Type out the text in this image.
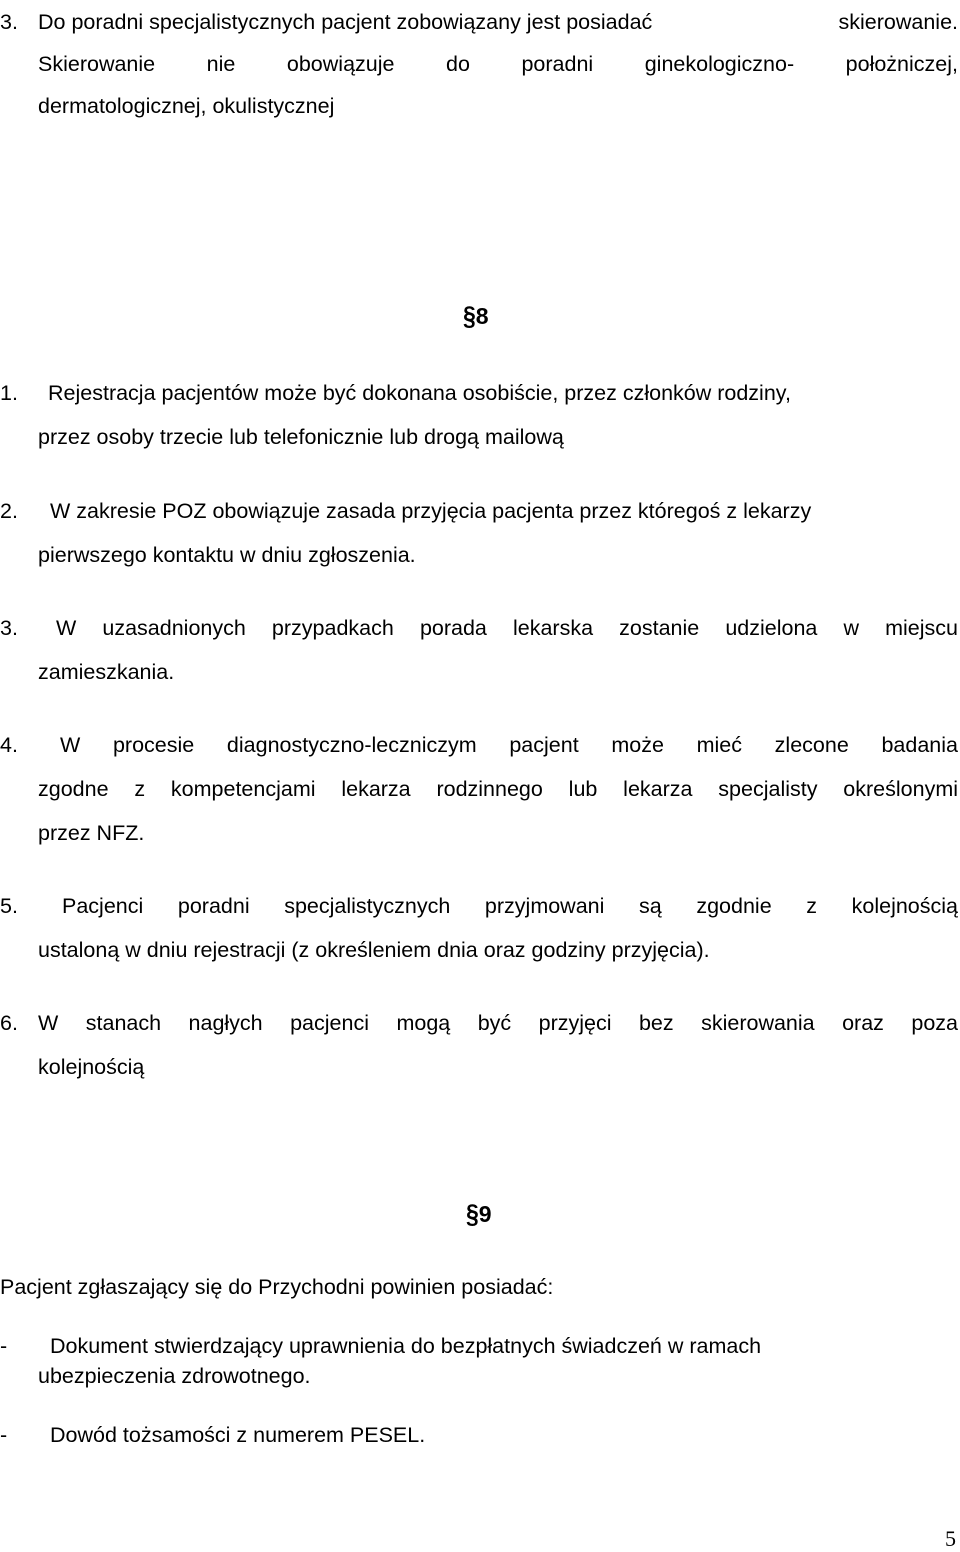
3. Do poradni specjalistycznych pacjent zobowiązany jest posiadać	skierowanie.
Skierowanie nie obowiązuje do poradni ginekologiczno- położniczej,
dermatologicznej, okulistycznej
§8
1.	Rejestracja pacjentów może być dokonana osobiście, przez członków rodziny,
przez osoby trzecie lub telefonicznie lub drogą mailową
2.	W zakresie POZ obowiązuje zasada przyjęcia pacjenta przez któregoś z lekarzy
pierwszego kontaktu w dniu zgłoszenia.
3.	W uzasadnionych przypadkach porada lekarska zostanie udzielona w miejscu
zamieszkania.
4.	W procesie diagnostyczno-leczniczym pacjent może mieć zlecone badania
zgodne z kompetencjami lekarza rodzinnego lub lekarza specjalisty określonymi
przez NFZ.
5.	Pacjenci poradni specjalistycznych przyjmowani są zgodnie z kolejnością
ustaloną w dniu rejestracji (z określeniem dnia oraz godziny przyjęcia).
6. W stanach nagłych pacjenci mogą być przyjęci bez skierowania oraz poza
kolejnością
§9
Pacjent zgłaszający się do Przychodni powinien posiadać:
- Dokument stwierdzający uprawnienia do bezpłatnych świadczeń w ramach
ubezpieczenia zdrowotnego.
- Dowód tożsamości z numerem PESEL.
5
